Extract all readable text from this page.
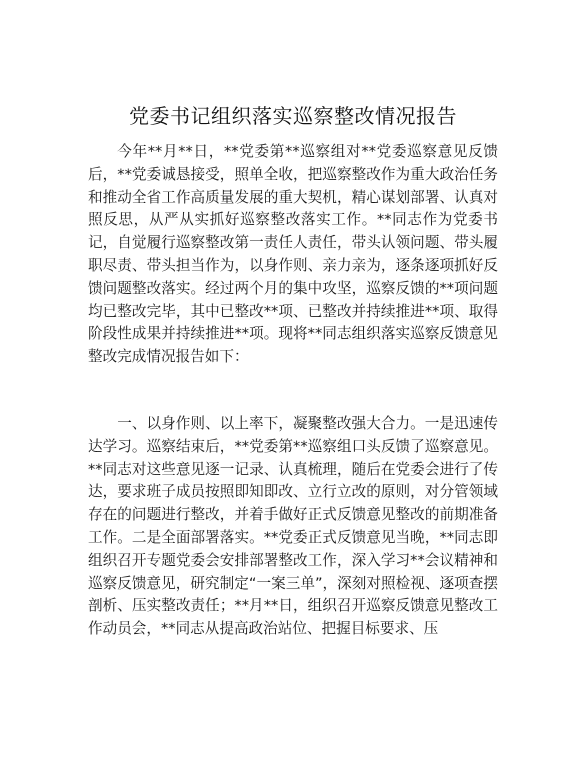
党委书记组织落实巡察整改情况报告

今年**月**日，**党委第**巡察组对**党委巡察意见反馈后，**党委诚恳接受，照单全收，把巡察整改作为重大政治任务和推动全省工作高质量发展的重大契机，精心谋划部署、认真对照反思，从严从实抓好巡察整改落实工作。**同志作为党委书记，自觉履行巡察整改第一责任人责任，带头认领问题、带头履职尽责、带头担当作为，以身作则、亲力亲为，逐条逐项抓好反馈问题整改落实。经过两个月的集中攻坚，巡察反馈的**项问题均已整改完毕，其中已整改**项、已整改并持续推进**项、取得阶段性成果并持续推进**项。现将**同志组织落实巡察反馈意见整改完成情况报告如下：

一、以身作则、以上率下，凝聚整改强大合力。一是迅速传达学习。巡察结束后，**党委第**巡察组口头反馈了巡察意见。**同志对这些意见逐一记录、认真梳理，随后在党委会进行了传达，要求班子成员按照即知即改、立行立改的原则，对分管领域存在的问题进行整改，并着手做好正式反馈意见整改的前期准备工作。二是全面部署落实。**党委正式反馈意见当晚，**同志即组织召开专题党委会安排部署整改工作，深入学习**会议精神和巡察反馈意见，研究制定“一案三单”，深刻对照检视、逐项查摆剖析、压实整改责任；**月**日，组织召开巡察反馈意见整改工作动员会，**同志从提高政治站位、把握目标要求、压
